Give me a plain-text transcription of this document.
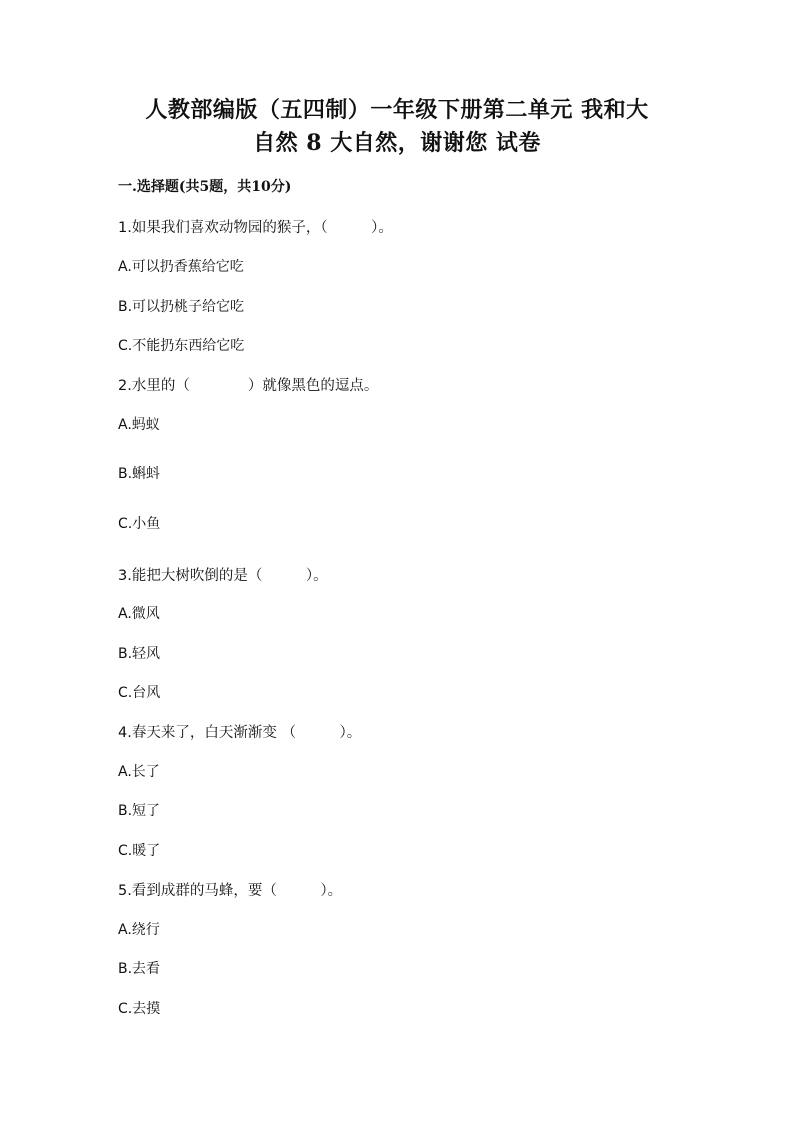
人教部编版（五四制）一年级下册第二单元 我和大
自然 8 大自然，谢谢您 试卷
一.选择题(共5题，共10分)
1.如果我们喜欢动物园的猴子，（　　　）。
A.可以扔香蕉给它吃
B.可以扔桃子给它吃
C.不能扔东西给它吃
2.水里的（　　　　）就像黑色的逗点。
A.蚂蚁
B.蝌蚪
C.小鱼
3.能把大树吹倒的是（　　　）。
A.微风
B.轻风
C.台风
4.春天来了，白天渐渐变 （　　　）。
A.长了
B.短了
C.暖了
5.看到成群的马蜂，要（　　　）。
A.绕行
B.去看
C.去摸
